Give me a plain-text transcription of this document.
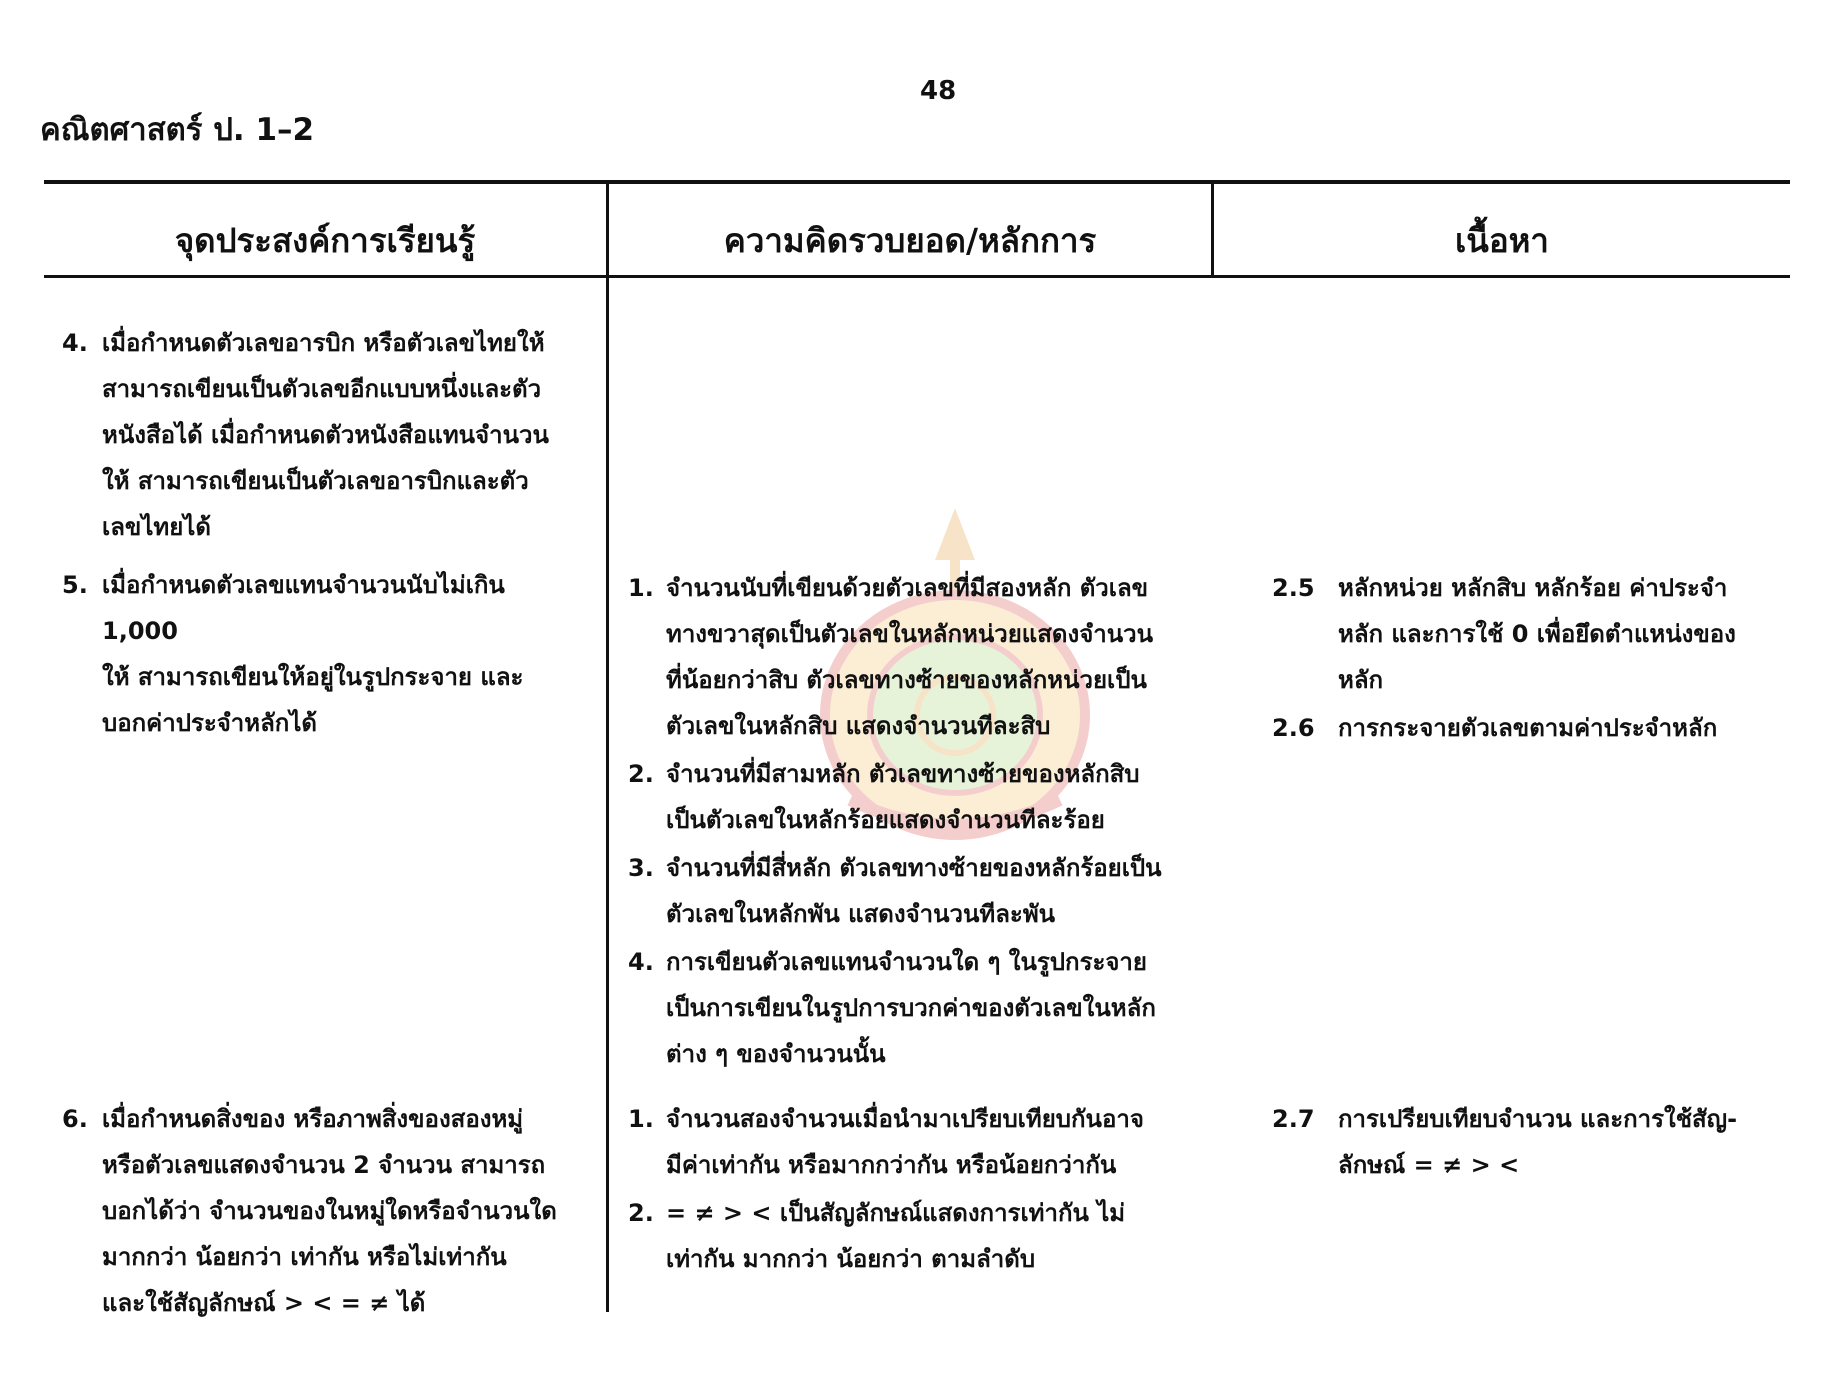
48
คณิตศาสตร์ ป. 1–2
จุดประสงค์การเรียนรู้	ความคิดรวบยอด/หลักการ	เนื้อหา
4. เมื่อกำหนดตัวเลขอารบิก หรือตัวเลขไทยให้
สามารถเขียนเป็นตัวเลขอีกแบบหนึ่งและตัว
หนังสือได้ เมื่อกำหนดตัวหนังสือแทนจำนวน
ให้ สามารถเขียนเป็นตัวเลขอารบิกและตัว
เลขไทยได้
5. เมื่อกำหนดตัวเลขแทนจำนวนนับไม่เกิน 1,000
ให้ สามารถเขียนให้อยู่ในรูปกระจาย และ
บอกค่าประจำหลักได้
6. เมื่อกำหนดสิ่งของ หรือภาพสิ่งของสองหมู่
หรือตัวเลขแสดงจำนวน 2 จำนวน สามารถ
บอกได้ว่า จำนวนของในหมู่ใดหรือจำนวนใด
มากกว่า น้อยกว่า เท่ากัน หรือไม่เท่ากัน
และใช้สัญลักษณ์ > < = ≠ ได้
1. จำนวนนับที่เขียนด้วยตัวเลขที่มีสองหลัก ตัวเลข
ทางขวาสุดเป็นตัวเลขในหลักหน่วยแสดงจำนวน
ที่น้อยกว่าสิบ ตัวเลขทางซ้ายของหลักหน่วยเป็น
ตัวเลขในหลักสิบ แสดงจำนวนทีละสิบ
2. จำนวนที่มีสามหลัก ตัวเลขทางซ้ายของหลักสิบ
เป็นตัวเลขในหลักร้อยแสดงจำนวนทีละร้อย
3. จำนวนที่มีสี่หลัก ตัวเลขทางซ้ายของหลักร้อยเป็น
ตัวเลขในหลักพัน แสดงจำนวนทีละพัน
4. การเขียนตัวเลขแทนจำนวนใด ๆ ในรูปกระจาย
เป็นการเขียนในรูปการบวกค่าของตัวเลขในหลัก
ต่าง ๆ ของจำนวนนั้น
1. จำนวนสองจำนวนเมื่อนำมาเปรียบเทียบกันอาจ
มีค่าเท่ากัน หรือมากกว่ากัน หรือน้อยกว่ากัน
2. = ≠ > < เป็นสัญลักษณ์แสดงการเท่ากัน ไม่
เท่ากัน มากกว่า น้อยกว่า ตามลำดับ
2.5 หลักหน่วย หลักสิบ หลักร้อย ค่าประจำ
หลัก และการใช้ 0 เพื่อยึดตำแหน่งของ
หลัก
2.6 การกระจายตัวเลขตามค่าประจำหลัก
2.7 การเปรียบเทียบจำนวน และการใช้สัญ-
ลักษณ์ = ≠ > <
